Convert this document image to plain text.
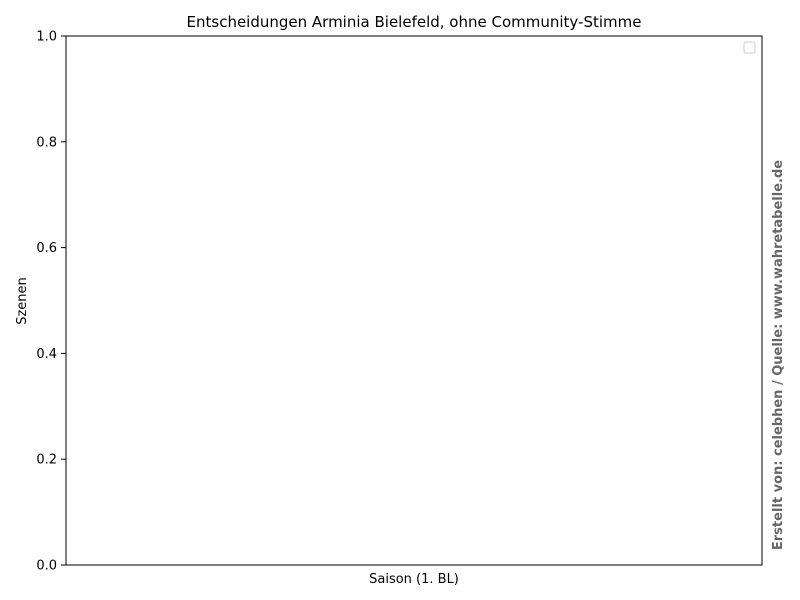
Entscheidungen Arminia Bielefeld, ohne Community-Stimme
0.0
0.2
0.4
0.6
0.8
1.0
Saison (1. BL)
Szenen	Erstellt von: celebhen / Quelle: www.wahretabelle.de
